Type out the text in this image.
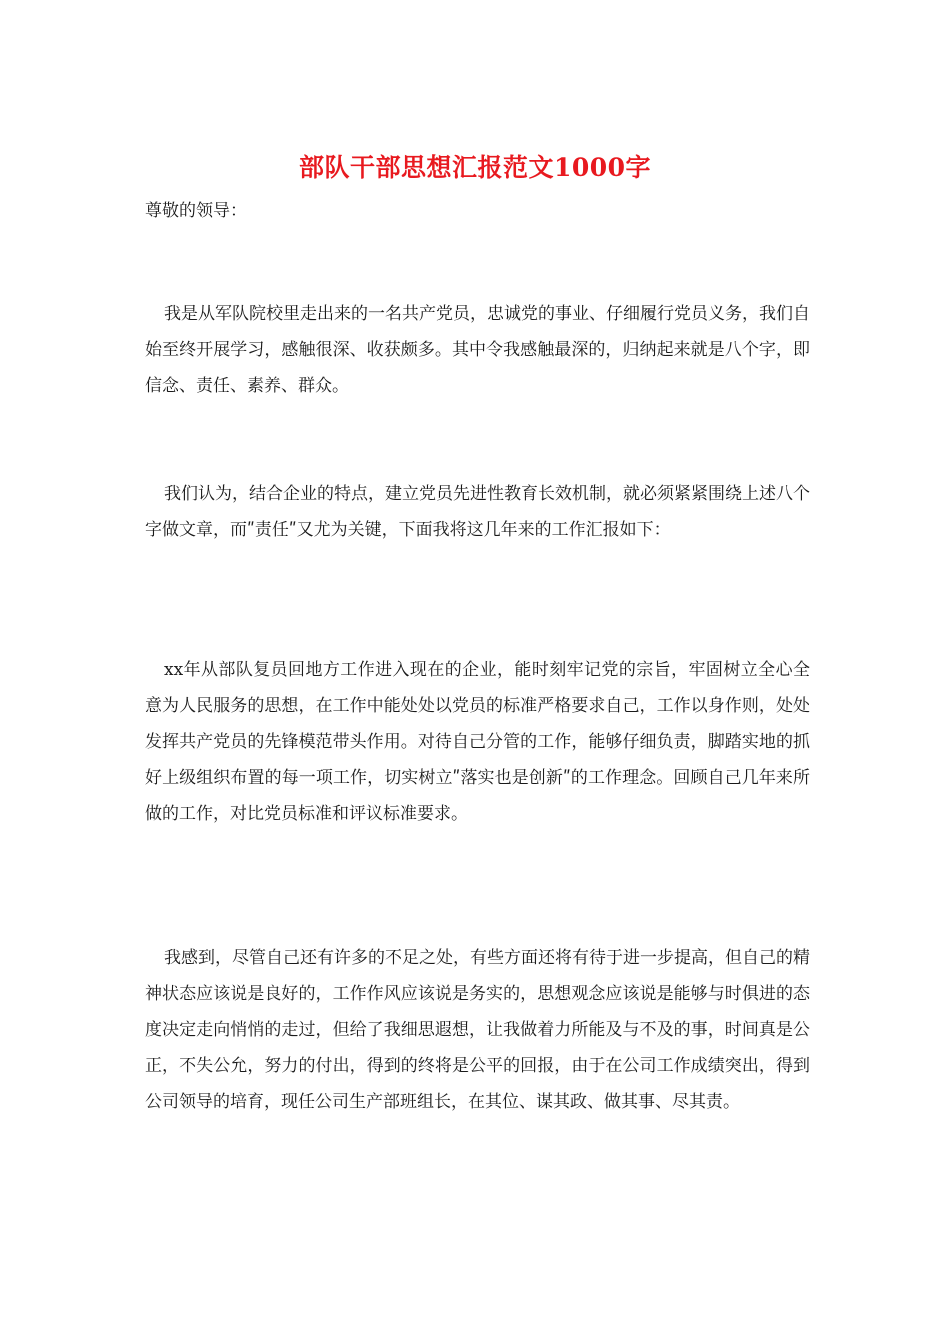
部队干部思想汇报范文1000字

尊敬的领导：

我是从军队院校里走出来的一名共产党员，忠诚党的事业、仔细履行党员义务，我们自始至终开展学习，感触很深、收获颇多。其中令我感触最深的，归纳起来就是八个字，即信念、责任、素养、群众。

我们认为，结合企业的特点，建立党员先进性教育长效机制，就必须紧紧围绕上述八个字做文章，而ʺ责任ʺ又尤为关键，下面我将这几年来的工作汇报如下：

xx年从部队复员回地方工作进入现在的企业，能时刻牢记党的宗旨，牢固树立全心全意为人民服务的思想，在工作中能处处以党员的标准严格要求自己，工作以身作则，处处发挥共产党员的先锋模范带头作用。对待自己分管的工作，能够仔细负责，脚踏实地的抓好上级组织布置的每一项工作，切实树立ʺ落实也是创新ʺ的工作理念。回顾自己几年来所做的工作，对比党员标准和评议标准要求。

我感到，尽管自己还有许多的不足之处，有些方面还将有待于进一步提高，但自己的精神状态应该说是良好的，工作作风应该说是务实的，思想观念应该说是能够与时俱进的态度决定走向悄悄的走过，但给了我细思遐想，让我做着力所能及与不及的事，时间真是公正，不失公允，努力的付出，得到的终将是公平的回报，由于在公司工作成绩突出，得到公司领导的培育，现任公司生产部班组长，在其位、谋其政、做其事、尽其责。
